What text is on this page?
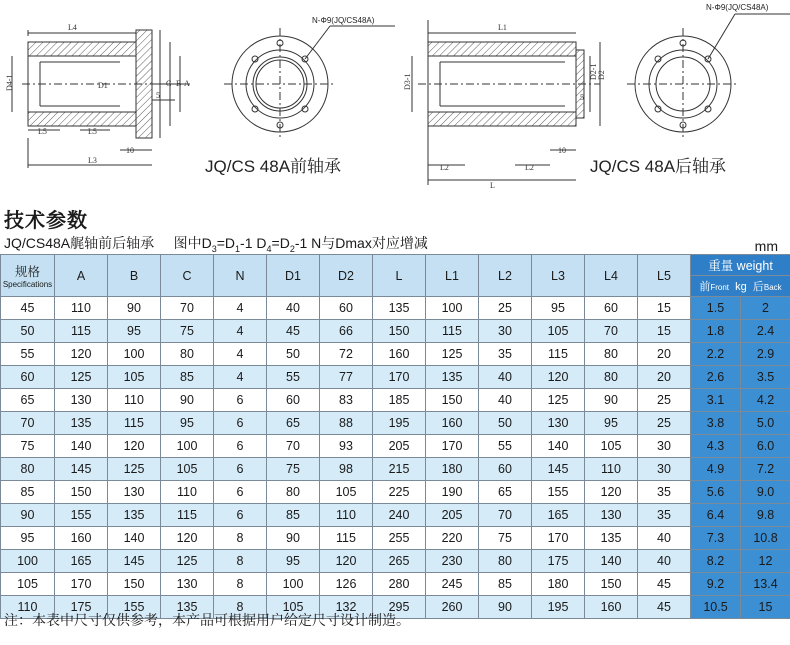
L4
D4-1	D1	C B A
5
L5	L5
10
L3
N-Φ9(JQ/CS48A)
L1
D3-1
D2-1 D2
5
L2	L2
10
L
N-Φ9(JQ/CS48A)
JQ/CS 48A前轴承	JQ/CS 48A后轴承
技术参数
JQ/CS48A艉轴前后轴承 图中$D_3=D_1-1$ $D_4=D_2-1$ N与Dmax对应增减	mm
规格
Specifications	A	B	C	N	D1	D2	L	L1	L2	L3	L4	L5	重量 weight	
													前Front kg 后Back	
45	110	90	70	4	40	60	135	100	25	95	60	15	1.5	2
50	115	95	75	4	45	66	150	115	30	105	70	15	1.8	2.4
55	120	100	80	4	50	72	160	125	35	115	80	20	2.2	2.9
60	125	105	85	4	55	77	170	135	40	120	80	20	2.6	3.5
65	130	110	90	6	60	83	185	150	40	125	90	25	3.1	4.2
70	135	115	95	6	65	88	195	160	50	130	95	25	3.8	5.0
75	140	120	100	6	70	93	205	170	55	140	105	30	4.3	6.0
80	145	125	105	6	75	98	215	180	60	145	110	30	4.9	7.2
85	150	130	110	6	80	105	225	190	65	155	120	35	5.6	9.0
90	155	135	115	6	85	110	240	205	70	165	130	35	6.4	9.8
95	160	140	120	8	90	115	255	220	75	170	135	40	7.3	10.8
100	165	145	125	8	95	120	265	230	80	175	140	40	8.2	12
105	170	150	130	8	100	126	280	245	85	180	150	45	9.2	13.4
110	175	155	135	8	105	132	295	260	90	195	160	45	10.5	15
注：本表中尺寸仅供参考，本产品可根据用户给定尺寸设计制造。
